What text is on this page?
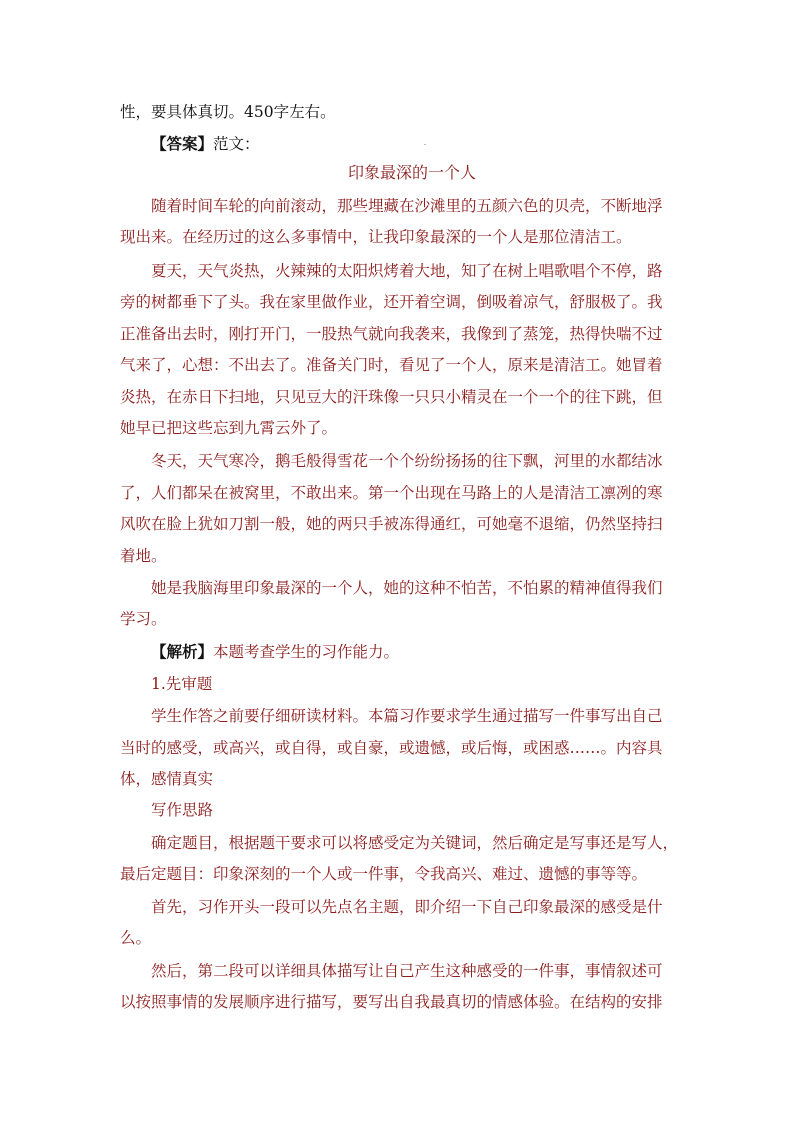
性，要具体真切。450字左右。
【答案】范文：
印象最深的一个人
随着时间车轮的向前滚动，那些埋藏在沙滩里的五颜六色的贝壳，不断地浮
现出来。在经历过的这么多事情中，让我印象最深的一个人是那位清洁工。
夏天，天气炎热，火辣辣的太阳炽烤着大地，知了在树上唱歌唱个不停，路
旁的树都垂下了头。我在家里做作业，还开着空调，倒吸着凉气，舒服极了。我
正准备出去时，刚打开门，一股热气就向我袭来，我像到了蒸笼，热得快喘不过
气来了，心想：不出去了。准备关门时，看见了一个人，原来是清洁工。她冒着
炎热，在赤日下扫地，只见豆大的汗珠像一只只小精灵在一个一个的往下跳，但
她早已把这些忘到九霄云外了。
冬天，天气寒冷，鹅毛般得雪花一个个纷纷扬扬的往下飘，河里的水都结冰
了，人们都呆在被窝里，不敢出来。第一个出现在马路上的人是清洁工凛冽的寒
风吹在脸上犹如刀割一般，她的两只手被冻得通红，可她毫不退缩，仍然坚持扫
着地。
她是我脑海里印象最深的一个人，她的这种不怕苦，不怕累的精神值得我们
学习。
【解析】本题考查学生的习作能力。
1.先审题
学生作答之前要仔细研读材料。本篇习作要求学生通过描写一件事写出自己
当时的感受，或高兴，或自得，或自豪，或遗憾，或后悔，或困惑……。内容具
体，感情真实
写作思路
确定题目，根据题干要求可以将感受定为关键词，然后确定是写事还是写人，
最后定题目：印象深刻的一个人或一件事，令我高兴、难过、遗憾的事等等。
首先，习作开头一段可以先点名主题，即介绍一下自己印象最深的感受是什
么。
然后，第二段可以详细具体描写让自己产生这种感受的一件事，事情叙述可
以按照事情的发展顺序进行描写，要写出自我最真切的情感体验。在结构的安排
